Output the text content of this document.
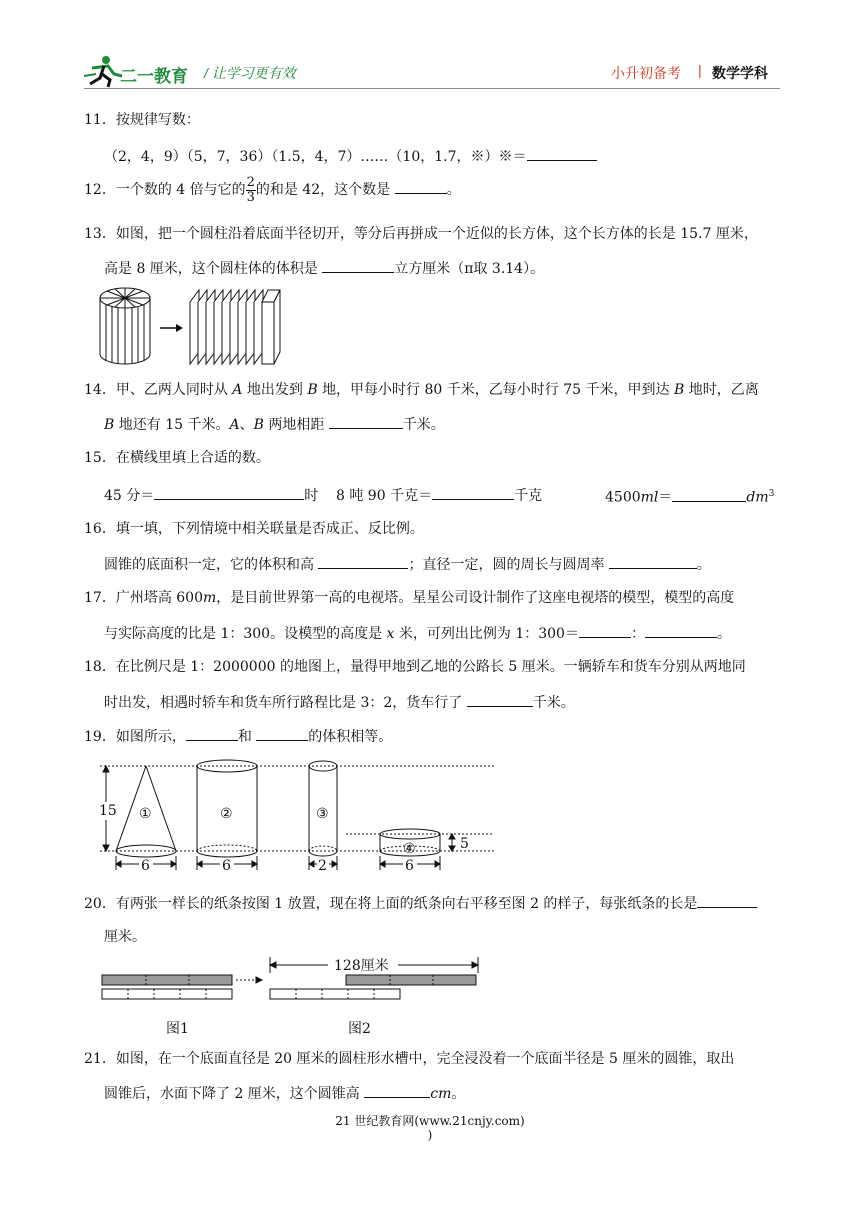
二一教育 / 让学习更有效	小升初备考 | 数学学科
11．按规律写数：
（2，4，9）（5，7，36）（1.5，4，7）……（10，1.7，※）※＝
12．一个数的 4 倍与它的 $\frac{2}{3}$ 的和是 42，这个数是	。
13．如图，把一个圆柱沿着底面半径切开，等分后再拼成一个近似的长方体，这个长方体的长是 15.7 厘米，
高是 8 厘米，这个圆柱体的体积是	立方厘米（π取 3.14）。
14．甲、乙两人同时从 A 地出发到 B 地，甲每小时行 80 千米，乙每小时行 75 千米，甲到达 B 地时，乙离
B 地还有 15 千米。A、B 两地相距	千米。
15．在横线里填上合适的数。
45 分＝	时 8 吨 90 千克＝	千克	4500ml＝	$dm^3$
16．填一填，下列情境中相关联量是否成正、反比例。
圆锥的底面积一定，它的体积和高	；直径一定，圆的周长与圆周率	。
17．广州塔高 600m，是目前世界第一高的电视塔。星星公司设计制作了这座电视塔的模型，模型的高度
与实际高度的比是 1：300。设模型的高度是 x 米，可列出比例为 1：300＝	：	。
18．在比例尺是 1：2000000 的地图上，量得甲地到乙地的公路长 5 厘米。一辆轿车和货车分别从两地同
时出发，相遇时轿车和货车所行路程比是 3：2，货车行了	千米。
19．如图所示，	和	的体积相等。
15 ①	②	③
④	5
6	6	2	6
20．有两张一样长的纸条按图 1 放置，现在将上面的纸条向右平移至图 2 的样子，每张纸条的长是
厘米。
128厘米
图1	图2
21．如图，在一个底面直径是 20 厘米的圆柱形水槽中，完全浸没着一个底面半径是 5 厘米的圆锥，取出
圆锥后，水面下降了 2 厘米，这个圆锥高	cm。
21 世纪教育网(www.21cnjy.com)
)
